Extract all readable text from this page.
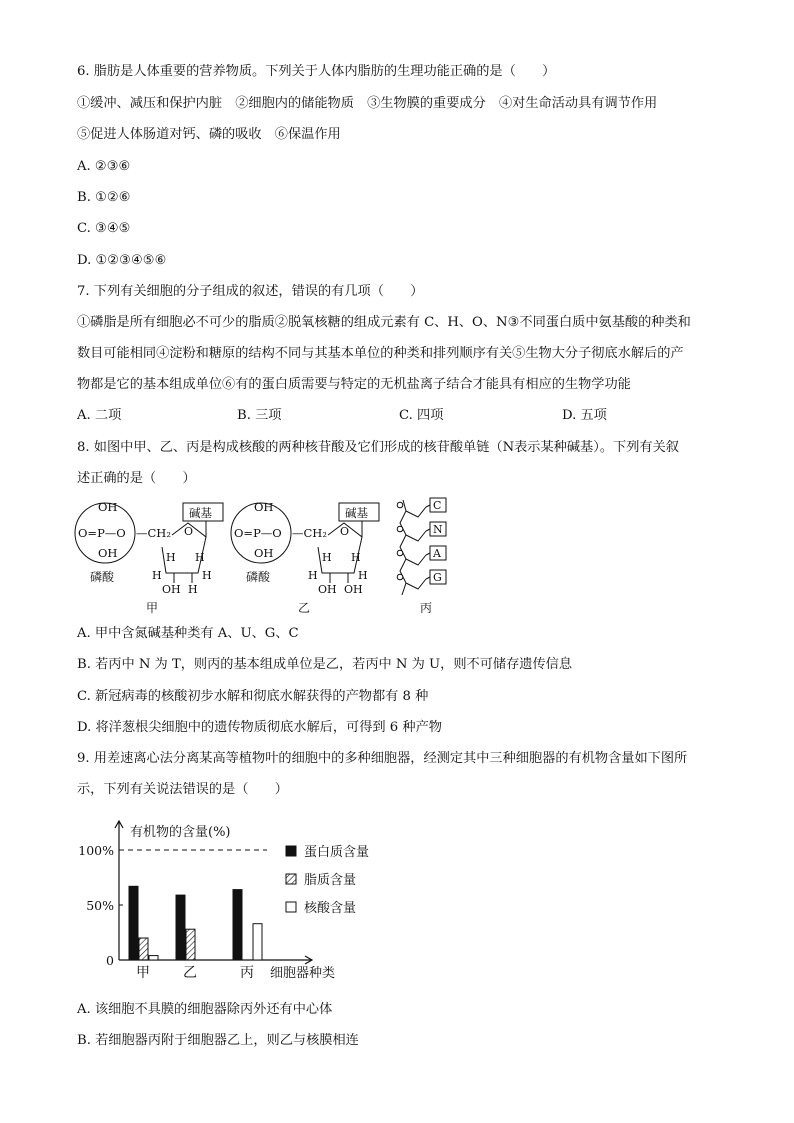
6. 脂肪是人体重要的营养物质。下列关于人体内脂肪的生理功能正确的是（　　）
①缓冲、减压和保护内脏　②细胞内的储能物质　③生物膜的重要成分　④对生命活动具有调节作用
⑤促进人体肠道对钙、磷的吸收　⑥保温作用
A. ②③⑥
B. ①②⑥
C. ③④⑤
D. ①②③④⑤⑥
7. 下列有关细胞的分子组成的叙述，错误的有几项（　　）
①磷脂是所有细胞必不可少的脂质②脱氧核糖的组成元素有 C、H、O、N③不同蛋白质中氨基酸的种类和
数目可能相同④淀粉和糖原的结构不同与其基本单位的种类和排列顺序有关⑤生物大分子彻底水解后的产
物都是它的基本组成单位⑥有的蛋白质需要与特定的无机盐离子结合才能具有相应的生物学功能
A. 二项	B. 三项	C. 四项	D. 五项
8. 如图中甲、乙、丙是构成核酸的两种核苷酸及它们形成的核苷酸单链（N表示某种碱基）。下列有关叙
述正确的是（　　）
OH
O=P—O
OH
—CH₂ O
碱基
H H
H	H
OH H
磷酸
甲
OH
O=P—O
OH
—CH₂ O
碱基
H H
H	H
OH OH
磷酸
乙
C
N
A
G
丙
A. 甲中含氮碱基种类有 A、U、G、C
B. 若丙中 N 为 T，则丙的基本组成单位是乙，若丙中 N 为 U，则不可储存遗传信息
C. 新冠病毒的核酸初步水解和彻底水解获得的产物都有 8 种
D. 将洋葱根尖细胞中的遗传物质彻底水解后，可得到 6 种产物
9. 用差速离心法分离某高等植物叶的细胞中的多种细胞器，经测定其中三种细胞器的有机物含量如下图所
示，下列有关说法错误的是（　　）
有机物的含量(%)
0
50%
100%
甲 乙	丙 细胞器种类
蛋白质含量
脂质含量
核酸含量
A. 该细胞不具膜的细胞器除丙外还有中心体
B. 若细胞器丙附于细胞器乙上，则乙与核膜相连
